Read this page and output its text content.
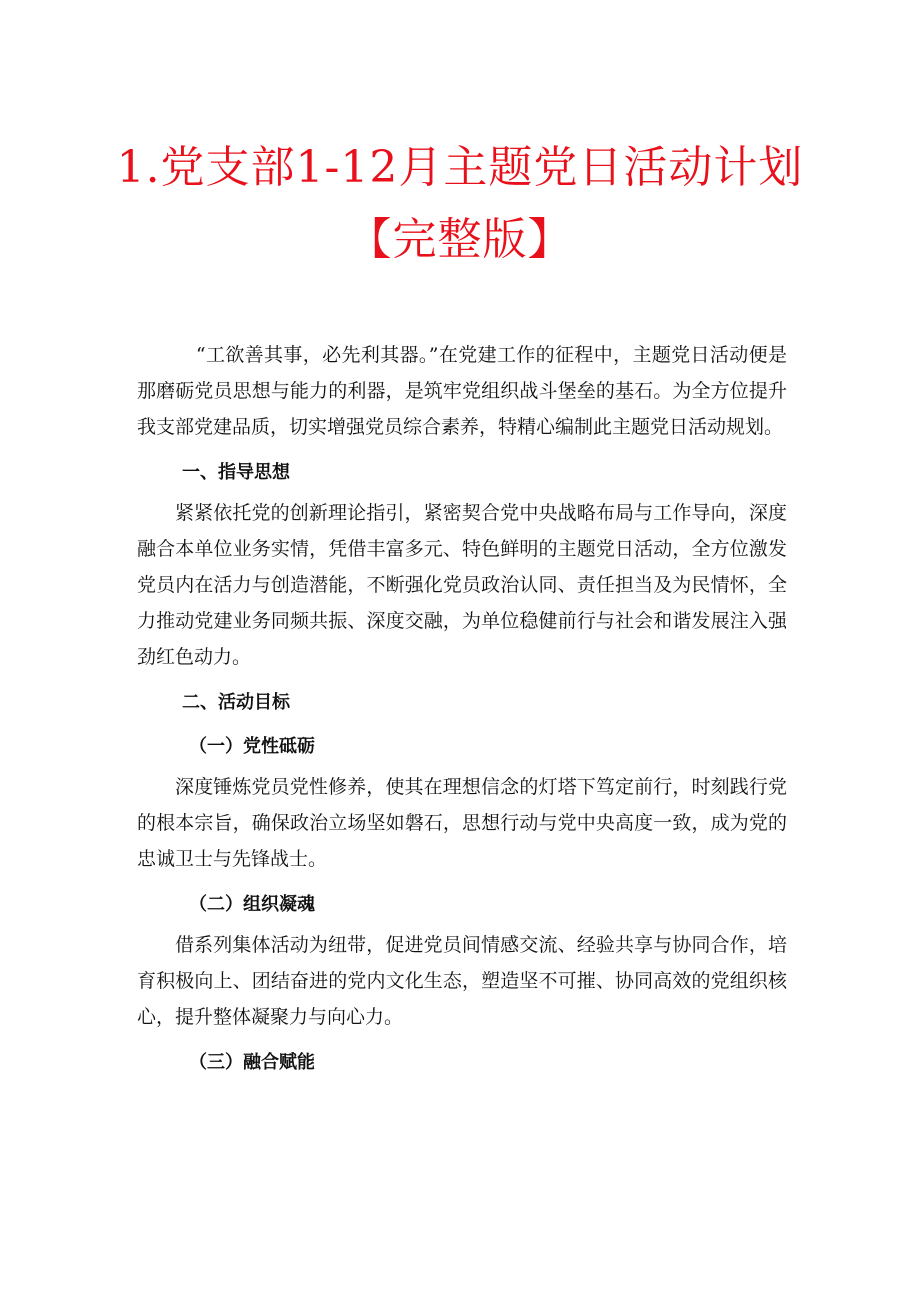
1.党支部1-12月主题党日活动计划
【完整版】

“工欲善其事，必先利其器。”在党建工作的征程中，主题党日活动便是那磨砺党员思想与能力的利器，是筑牢党组织战斗堡垒的基石。为全方位提升我支部党建品质，切实增强党员综合素养，特精心编制此主题党日活动规划。

一、指导思想

紧紧依托党的创新理论指引，紧密契合党中央战略布局与工作导向，深度融合本单位业务实情，凭借丰富多元、特色鲜明的主题党日活动，全方位激发党员内在活力与创造潜能，不断强化党员政治认同、责任担当及为民情怀，全力推动党建业务同频共振、深度交融，为单位稳健前行与社会和谐发展注入强劲红色动力。

二、活动目标

（一）党性砥砺

深度锤炼党员党性修养，使其在理想信念的灯塔下笃定前行，时刻践行党的根本宗旨，确保政治立场坚如磐石，思想行动与党中央高度一致，成为党的忠诚卫士与先锋战士。

（二）组织凝魂

借系列集体活动为纽带，促进党员间情感交流、经验共享与协同合作，培育积极向上、团结奋进的党内文化生态，塑造坚不可摧、协同高效的党组织核心，提升整体凝聚力与向心力。

（三）融合赋能
